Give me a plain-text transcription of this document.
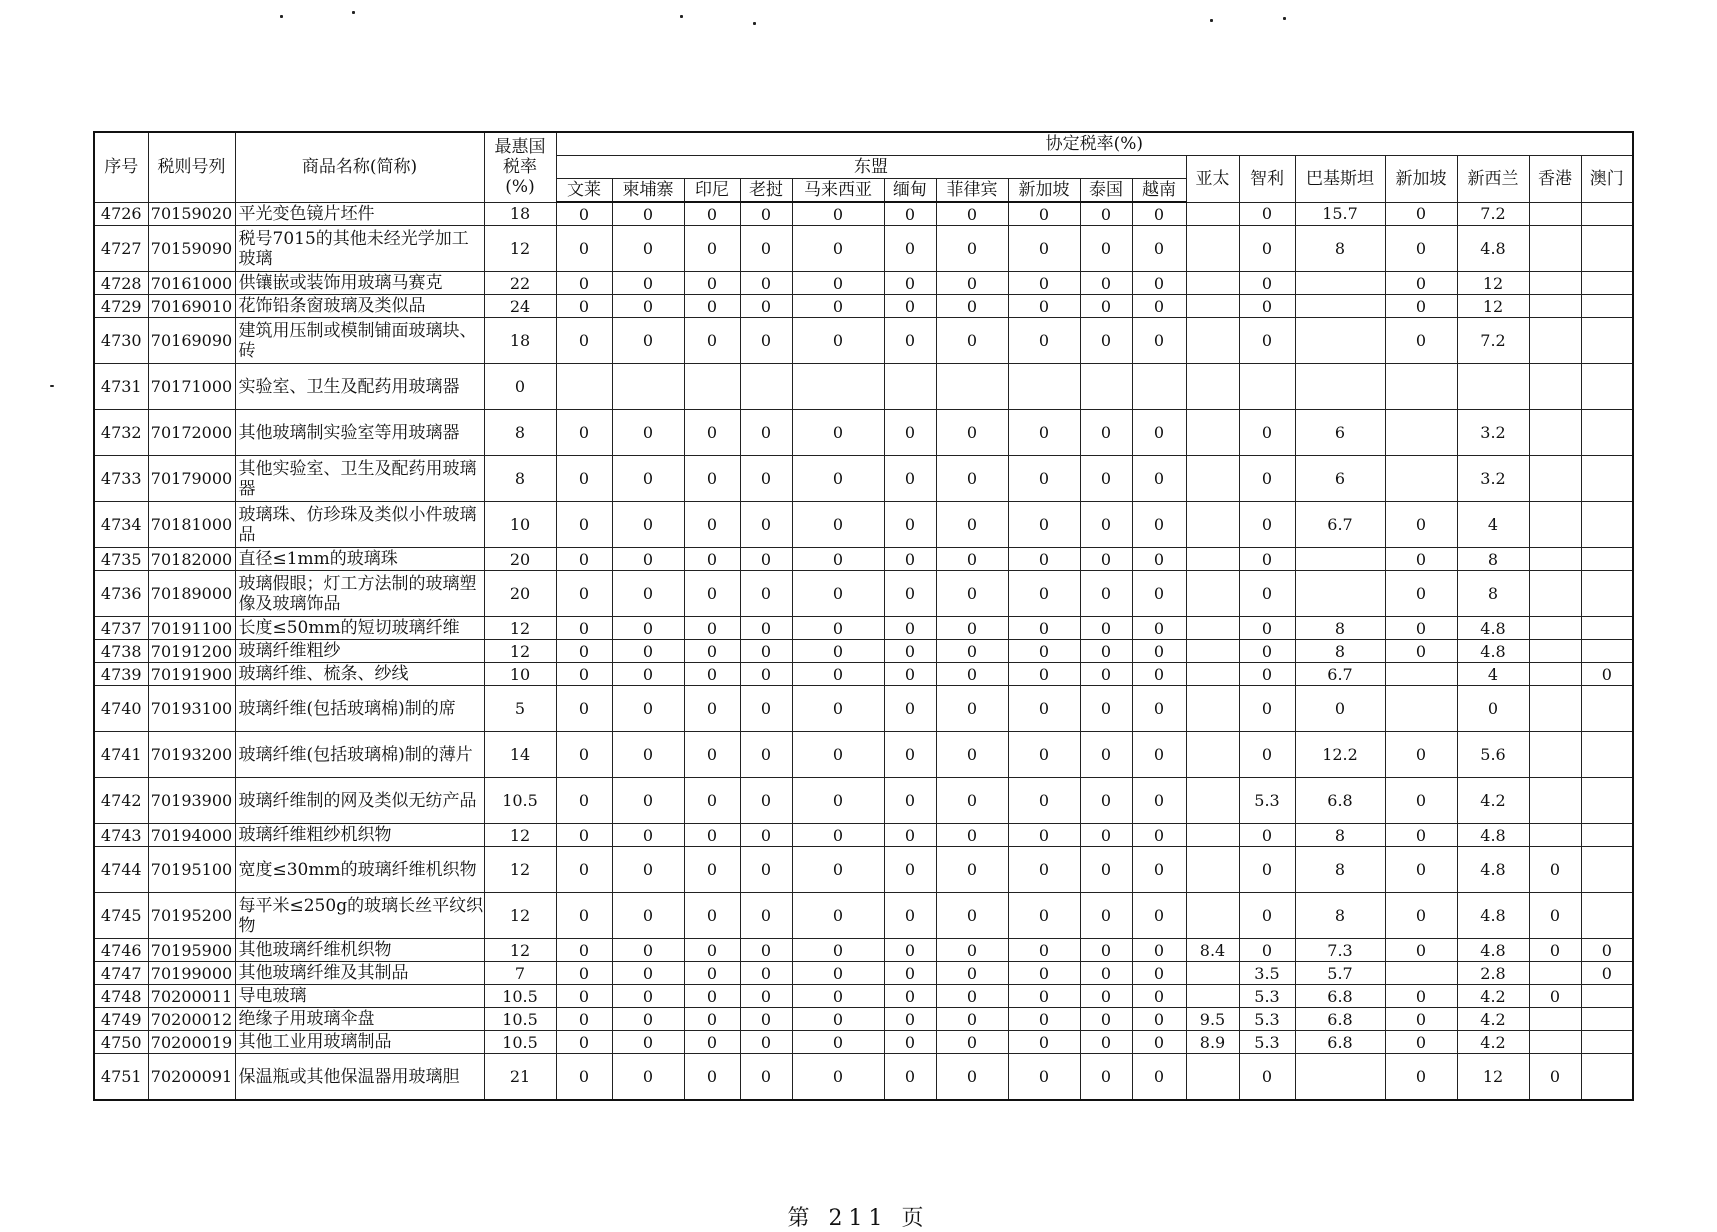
序号	税则号列	商品名称(简称)	最惠国
税率
(%)	协定税率(%)																
				东盟										亚太	智利	巴基斯坦	新加坡	新西兰	香港	澳门
				文莱	柬埔寨	印尼	老挝	马来西亚	缅甸	菲律宾	新加坡	泰国	越南							
4726	70159020	平光变色镜片坯件	18	0	0	0	0	0	0	0	0	0	0		0	15.7	0	7.2		
4727	70159090	税号7015的其他未经光学加工玻璃	12	0	0	0	0	0	0	0	0	0	0		0	8	0	4.8		
4728	70161000	供镶嵌或装饰用玻璃马赛克	22	0	0	0	0	0	0	0	0	0	0		0		0	12		
4729	70169010	花饰铅条窗玻璃及类似品	24	0	0	0	0	0	0	0	0	0	0		0		0	12		
4730	70169090	建筑用压制或模制铺面玻璃块、砖	18	0	0	0	0	0	0	0	0	0	0		0		0	7.2		
4731	70171000	实验室、卫生及配药用玻璃器	0																	
4732	70172000	其他玻璃制实验室等用玻璃器	8	0	0	0	0	0	0	0	0	0	0		0	6		3.2		
4733	70179000	其他实验室、卫生及配药用玻璃器	8	0	0	0	0	0	0	0	0	0	0		0	6		3.2		
4734	70181000	玻璃珠、仿珍珠及类似小件玻璃品	10	0	0	0	0	0	0	0	0	0	0		0	6.7	0	4		
4735	70182000	直径≤1mm的玻璃珠	20	0	0	0	0	0	0	0	0	0	0		0		0	8		
4736	70189000	玻璃假眼；灯工方法制的玻璃塑像及玻璃饰品	20	0	0	0	0	0	0	0	0	0	0		0		0	8		
4737	70191100	长度≤50mm的短切玻璃纤维	12	0	0	0	0	0	0	0	0	0	0		0	8	0	4.8		
4738	70191200	玻璃纤维粗纱	12	0	0	0	0	0	0	0	0	0	0		0	8	0	4.8		
4739	70191900	玻璃纤维、梳条、纱线	10	0	0	0	0	0	0	0	0	0	0		0	6.7		4		0
4740	70193100	玻璃纤维(包括玻璃棉)制的席	5	0	0	0	0	0	0	0	0	0	0		0	0		0		
4741	70193200	玻璃纤维(包括玻璃棉)制的薄片	14	0	0	0	0	0	0	0	0	0	0		0	12.2	0	5.6		
4742	70193900	玻璃纤维制的网及类似无纺产品	10.5	0	0	0	0	0	0	0	0	0	0		5.3	6.8	0	4.2		
4743	70194000	玻璃纤维粗纱机织物	12	0	0	0	0	0	0	0	0	0	0		0	8	0	4.8		
4744	70195100	宽度≤30mm的玻璃纤维机织物	12	0	0	0	0	0	0	0	0	0	0		0	8	0	4.8	0	
4745	70195200	每平米≤250g的玻璃长丝平纹织物	12	0	0	0	0	0	0	0	0	0	0		0	8	0	4.8	0	
4746	70195900	其他玻璃纤维机织物	12	0	0	0	0	0	0	0	0	0	0	8.4	0	7.3	0	4.8	0	0
4747	70199000	其他玻璃纤维及其制品	7	0	0	0	0	0	0	0	0	0	0		3.5	5.7		2.8		0
4748	70200011	导电玻璃	10.5	0	0	0	0	0	0	0	0	0	0		5.3	6.8	0	4.2	0	
4749	70200012	绝缘子用玻璃伞盘	10.5	0	0	0	0	0	0	0	0	0	0	9.5	5.3	6.8	0	4.2		
4750	70200019	其他工业用玻璃制品	10.5	0	0	0	0	0	0	0	0	0	0	8.9	5.3	6.8	0	4.2		
4751	70200091	保温瓶或其他保温器用玻璃胆	21	0	0	0	0	0	0	0	0	0	0		0		0	12	0	
第 211 页
